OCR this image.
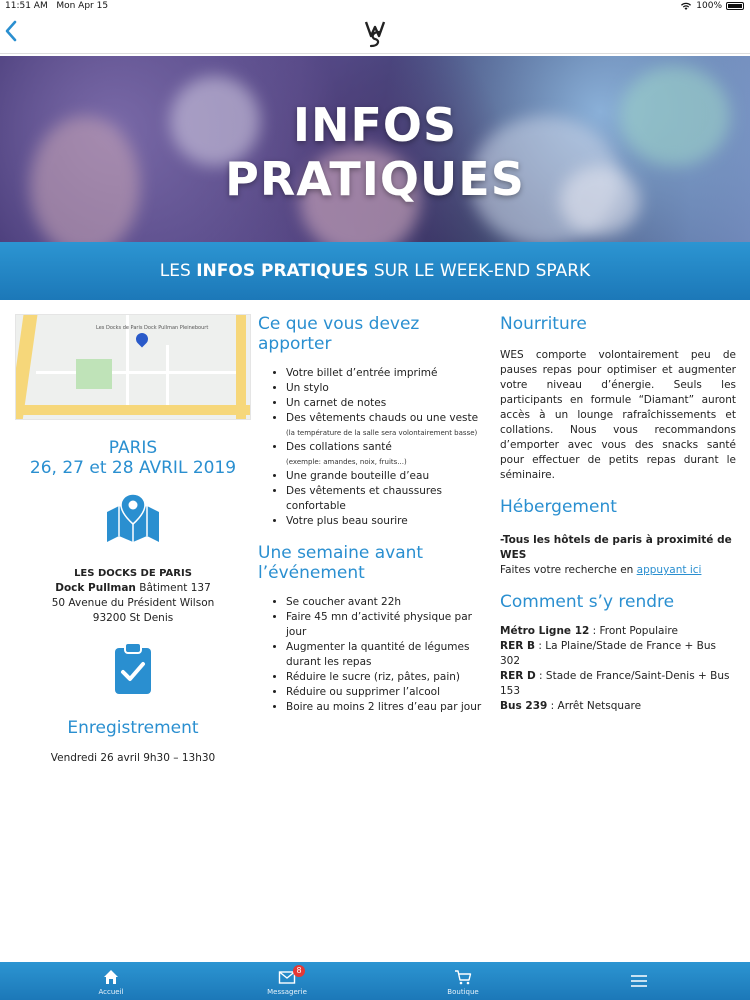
11:51 AM Mon Apr 15	100%
INFOS
PRATIQUES
LES INFOS PRATIQUES SUR LE WEEK-END SPARK
Les Docks de Paris Dock Pullman Pleinebourt
PARIS
26, 27 et 28 AVRIL 2019
LES DOCKS DE PARIS
Dock Pullman Bâtiment 137
50 Avenue du Président Wilson
93200 St Denis
Enregistrement
Vendredi 26 avril 9h30 – 13h30
Ce que vous devez apporter
• Votre billet d’entrée imprimé
• Un stylo
• Un carnet de notes
• Des vêtements chauds ou une veste
(la température de la salle sera volontairement basse)
• Des collations santé
(exemple: amandes, noix, fruits...)
• Une grande bouteille d’eau
• Des vêtements et chaussures confortable
• Votre plus beau sourire
Une semaine avant l’événement
• Se coucher avant 22h
• Faire 45 mn d’activité physique par jour
• Augmenter la quantité de légumes durant les repas
• Réduire le sucre (riz, pâtes, pain)
• Réduire ou supprimer l’alcool
• Boire au moins 2 litres d’eau par jour
Nourriture

WES comporte volontairement peu de pauses repas pour optimiser et augmenter votre niveau d’énergie. Seuls les participants en formule “Diamant” auront accès à un lounge rafraîchissements et collations. Nous vous recommandons d’emporter avec vous des snacks santé pour effectuer de petits repas durant le séminaire.

Hébergement
-Tous les hôtels de paris à proximité de WES
Faites votre recherche en appuyant ici
Comment s’y rendre
Métro Ligne 12 : Front Populaire
RER B : La Plaine/Stade de France + Bus 302
RER D : Stade de France/Saint-Denis + Bus 153
Bus 239 : Arrêt Netsquare
Accueil
8
Messagerie	Boutique
